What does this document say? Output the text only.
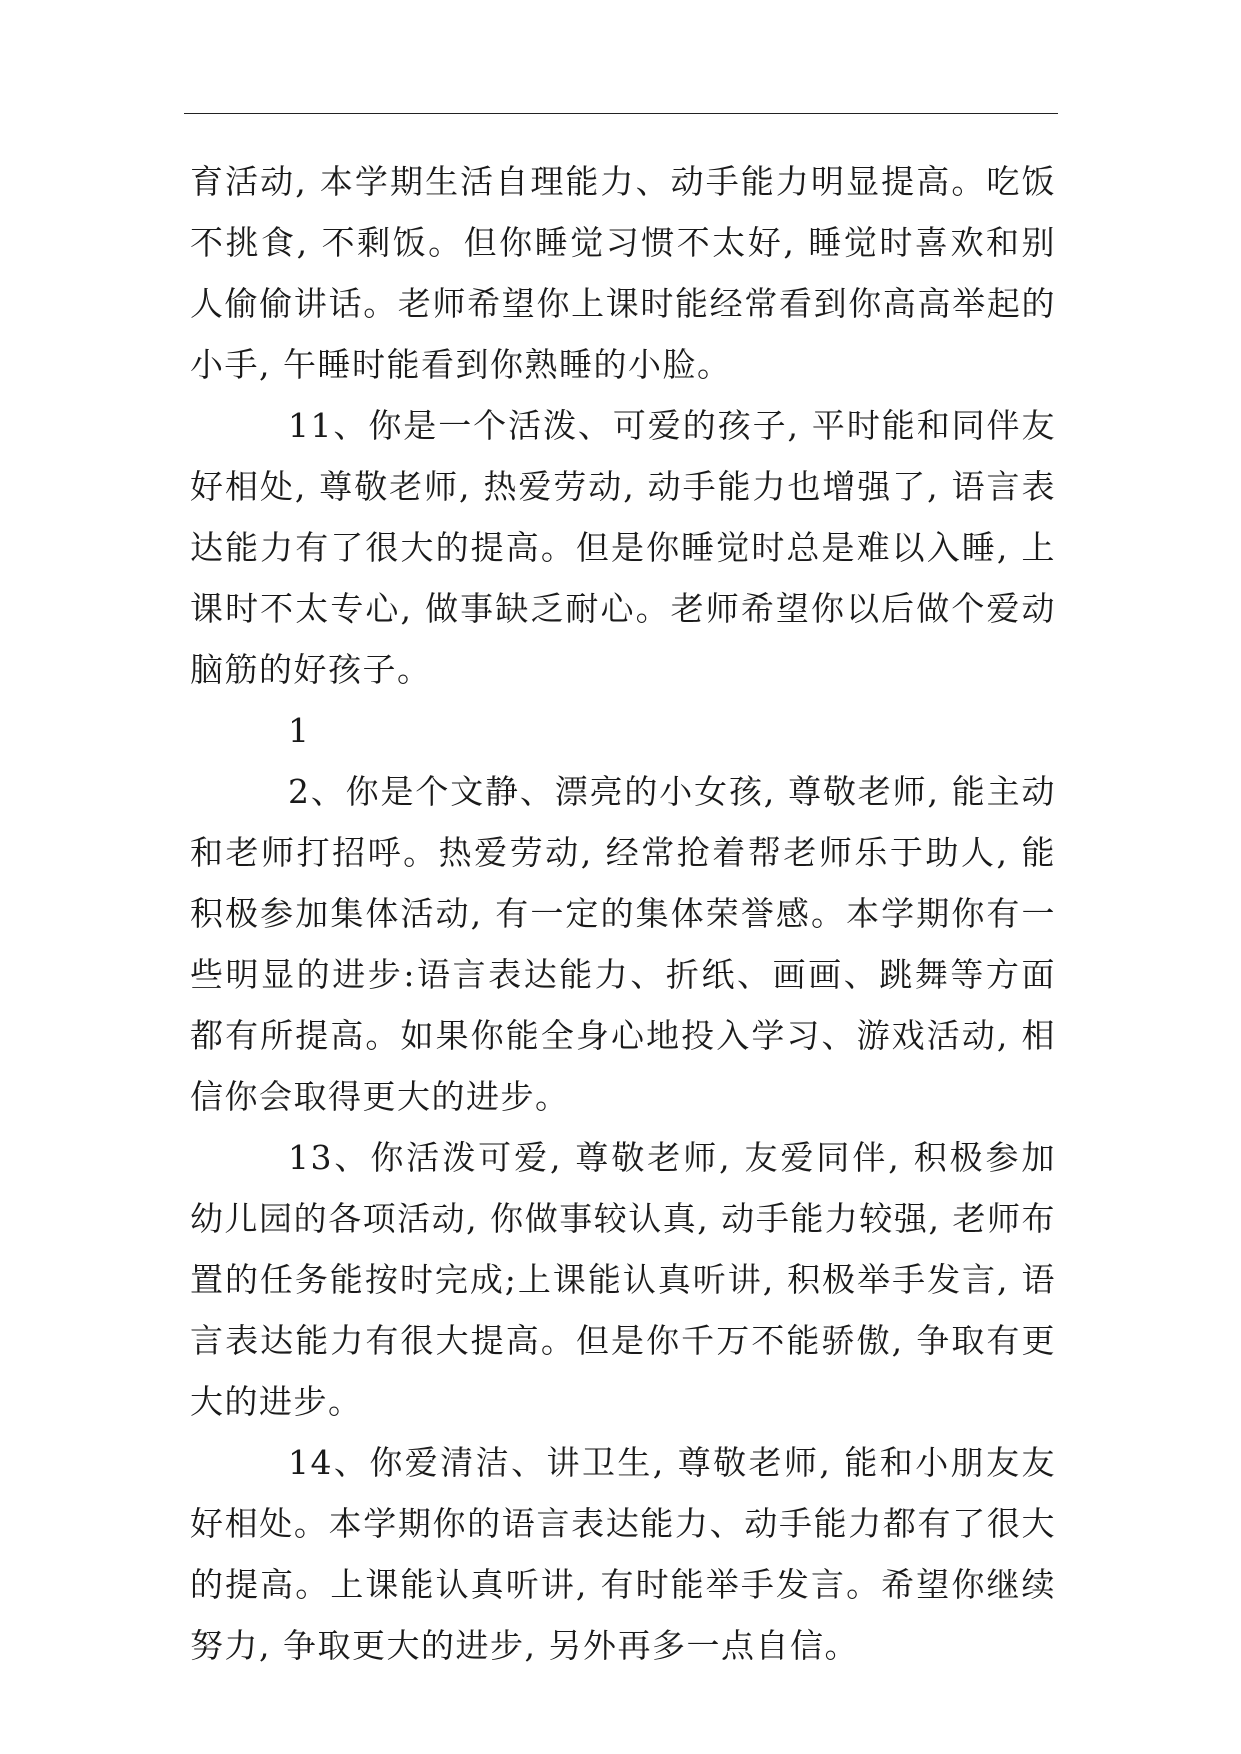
育活动, 本学期生活自理能力、动手能力明显提高。吃饭不挑食, 不剩饭。但你睡觉习惯不太好, 睡觉时喜欢和别人偷偷讲话。老师希望你上课时能经常看到你高高举起的小手, 午睡时能看到你熟睡的小脸。

11、你是一个活泼、可爱的孩子, 平时能和同伴友好相处, 尊敬老师, 热爱劳动, 动手能力也增强了, 语言表达能力有了很大的提高。但是你睡觉时总是难以入睡, 上课时不太专心, 做事缺乏耐心。老师希望你以后做个爱动脑筋的好孩子。

1

2、你是个文静、漂亮的小女孩, 尊敬老师, 能主动和老师打招呼。热爱劳动, 经常抢着帮老师乐于助人, 能积极参加集体活动, 有一定的集体荣誉感。本学期你有一些明显的进步:语言表达能力、折纸、画画、跳舞等方面都有所提高。如果你能全身心地投入学习、游戏活动, 相信你会取得更大的进步。

13、你活泼可爱, 尊敬老师, 友爱同伴, 积极参加幼儿园的各项活动, 你做事较认真, 动手能力较强, 老师布置的任务能按时完成;上课能认真听讲, 积极举手发言, 语言表达能力有很大提高。但是你千万不能骄傲, 争取有更大的进步。

14、你爱清洁、讲卫生, 尊敬老师, 能和小朋友友好相处。本学期你的语言表达能力、动手能力都有了很大的提高。上课能认真听讲, 有时能举手发言。希望你继续努力, 争取更大的进步, 另外再多一点自信。
